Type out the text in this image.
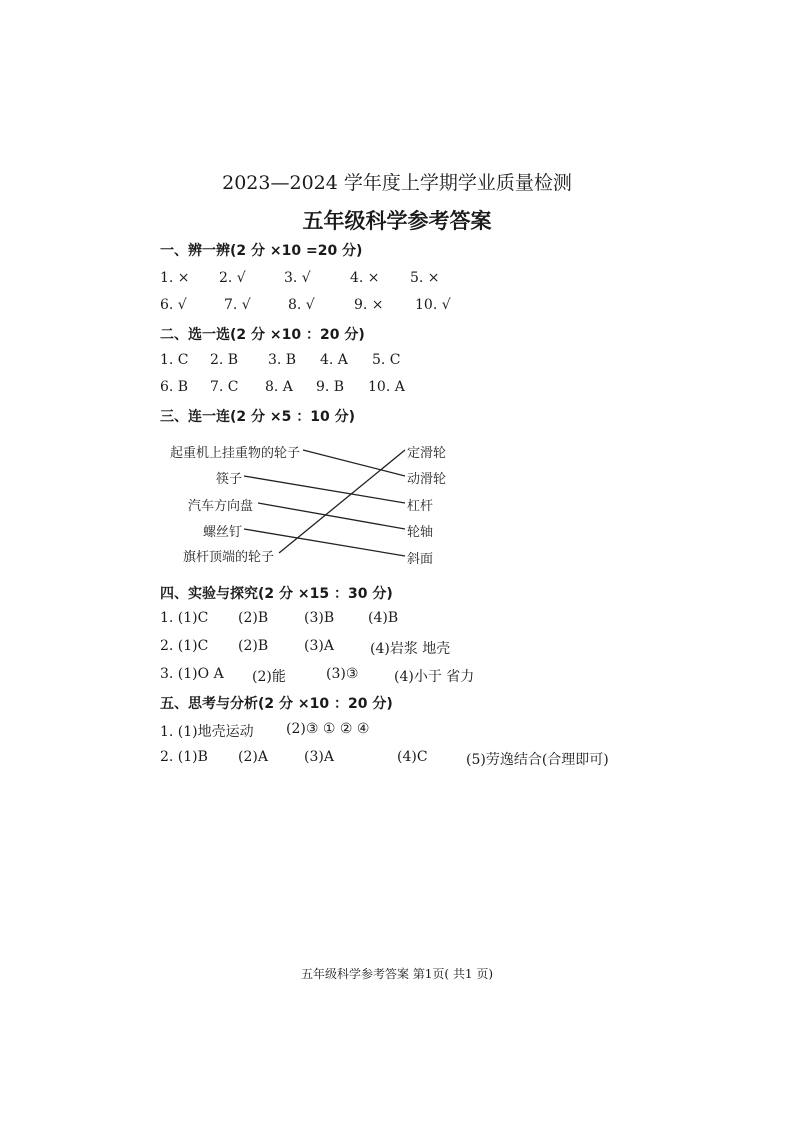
2023—2024 学年度上学期学业质量检测
五年级科学参考答案
一、辨一辨(2 分 ×10 =20 分)
1. × 2. √	3. √	4. × 5. ×
6. √	7. √	8. √	9. × 10. √
二、选一选(2 分 ×10 ：20 分)
1. C 2. B 3. B 4. A 5. C
6. B 7. C 8. A 9. B 10. A
三、连一连(2 分 ×5 ：10 分)
起重机上挂重物的轮子
筷子
汽车方向盘
螺丝钉
旗杆顶端的轮子
定滑轮
动滑轮
杠杆
轮轴
斜面
四、实验与探究(2 分 ×15 ：30 分)
1. (1)C (2)B	(3)B (4)B
2. (1)C (2)B	(3)A	(4)岩浆 地壳
3. (1)O A (2)能	(3)③	(4)小于 省力
五、思考与分析(2 分 ×10 ：20 分)
1. (1)地壳运动 (2)③ ① ② ④
2. (1)B (2)A	(3)A	(4)C	(5)劳逸结合(合理即可)
五年级科学参考答案 第1页( 共1 页)
